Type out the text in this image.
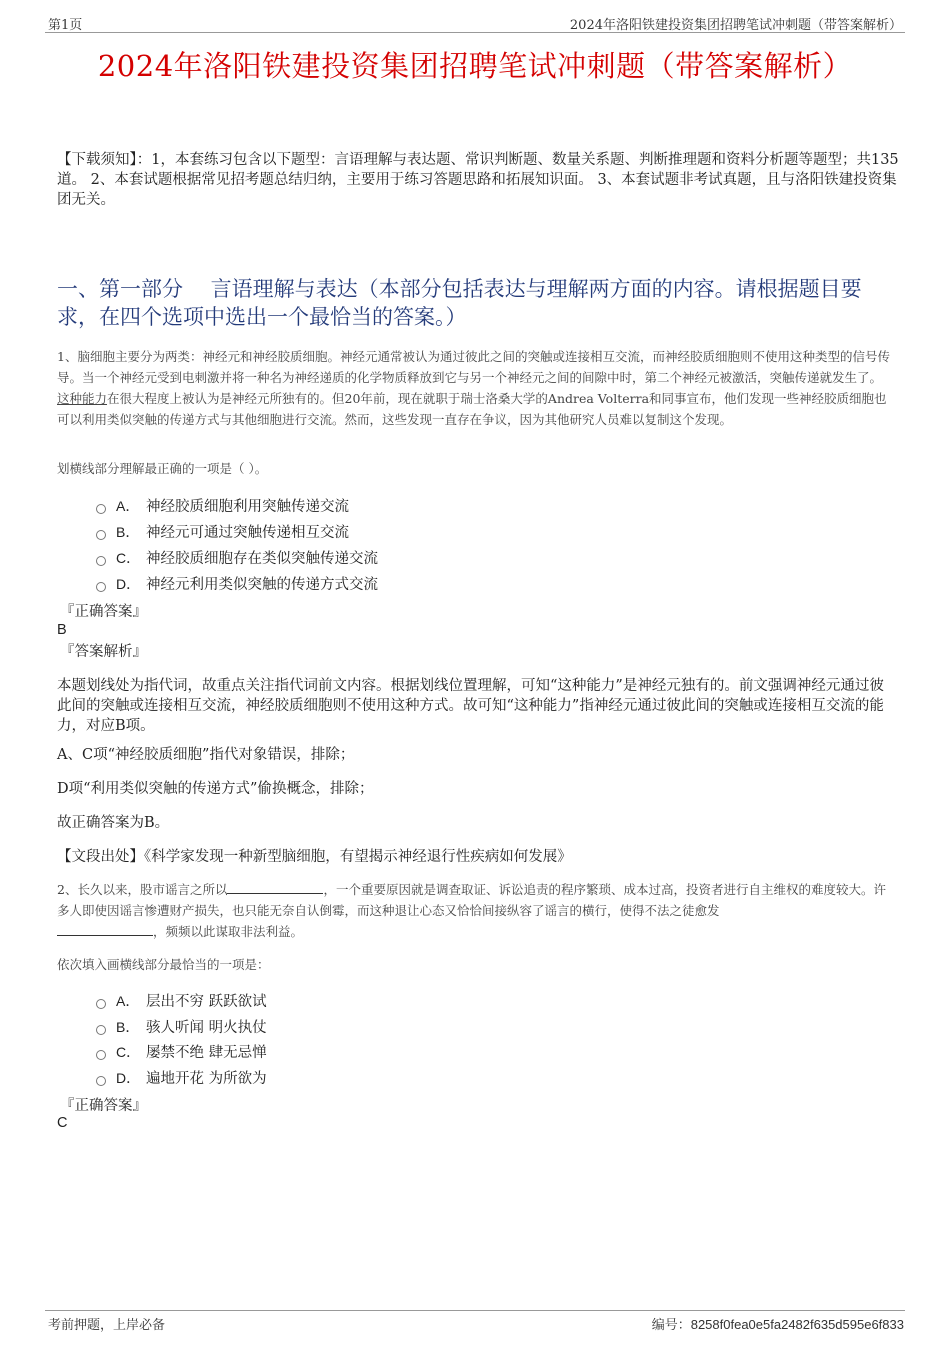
第1页	2024年洛阳铁建投资集团招聘笔试冲刺题（带答案解析）
2024年洛阳铁建投资集团招聘笔试冲刺题（带答案解析）
【下载须知】：1，本套练习包含以下题型：言语理解与表达题、常识判断题、数量关系题、判断推理题和资料分析题等题型；共135道。 2、本套试题根据常见招考题总结归纳，主要用于练习答题思路和拓展知识面。 3、本套试题非考试真题，且与洛阳铁建投资集团无关。
一、第一部分　 言语理解与表达（本部分包括表达与理解两方面的内容。请根据题目要求，在四个选项中选出一个最恰当的答案。）
1、脑细胞主要分为两类：神经元和神经胶质细胞。神经元通常被认为通过彼此之间的突触或连接相互交流，而神经胶质细胞则不使用这种类型的信号传导。当一个神经元受到电刺激并将一种名为神经递质的化学物质释放到它与另一个神经元之间的间隙中时，第二个神经元被激活，突触传递就发生了。 这种能力在很大程度上被认为是神经元所独有的。但20年前，现在就职于瑞士洛桑大学的Andrea Volterra和同事宣布，他们发现一些神经胶质细胞也可以利用类似突触的传递方式与其他细胞进行交流。然而，这些发现一直存在争议，因为其他研究人员难以复制这个发现。
划横线部分理解最正确的一项是（ ）。
A． 神经胶质细胞利用突触传递交流
B． 神经元可通过突触传递相互交流
C． 神经胶质细胞存在类似突触传递交流
D． 神经元利用类似突触的传递方式交流
『正确答案』
B
『答案解析』
本题划线处为指代词，故重点关注指代词前文内容。根据划线位置理解，可知“这种能力”是神经元独有的。前文强调神经元通过彼此间的突触或连接相互交流，神经胶质细胞则不使用这种方式。故可知“这种能力”指神经元通过彼此间的突触或连接相互交流的能力，对应B项。
A、C项“神经胶质细胞”指代对象错误，排除；
D项“利用类似突触的传递方式”偷换概念，排除；
故正确答案为B。
【文段出处】《科学家发现一种新型脑细胞，有望揭示神经退行性疾病如何发展》
2、长久以来，股市谣言之所以	，一个重要原因就是调查取证、诉讼追责的程序繁琐、成本过高，投资者进行自主维权的难度较大。许多人即使因谣言惨遭财产损失，也只能无奈自认倒霉，而这种退让心态又恰恰间接纵容了谣言的横行，使得不法之徒愈发
，频频以此谋取非法利益。
依次填入画横线部分最恰当的一项是：
A． 层出不穷 跃跃欲试
B． 骇人听闻 明火执仗
C． 屡禁不绝 肆无忌惮
D． 遍地开花 为所欲为
『正确答案』
C
考前押题，上岸必备	编号：8258f0fea0e5fa2482f635d595e6f833
